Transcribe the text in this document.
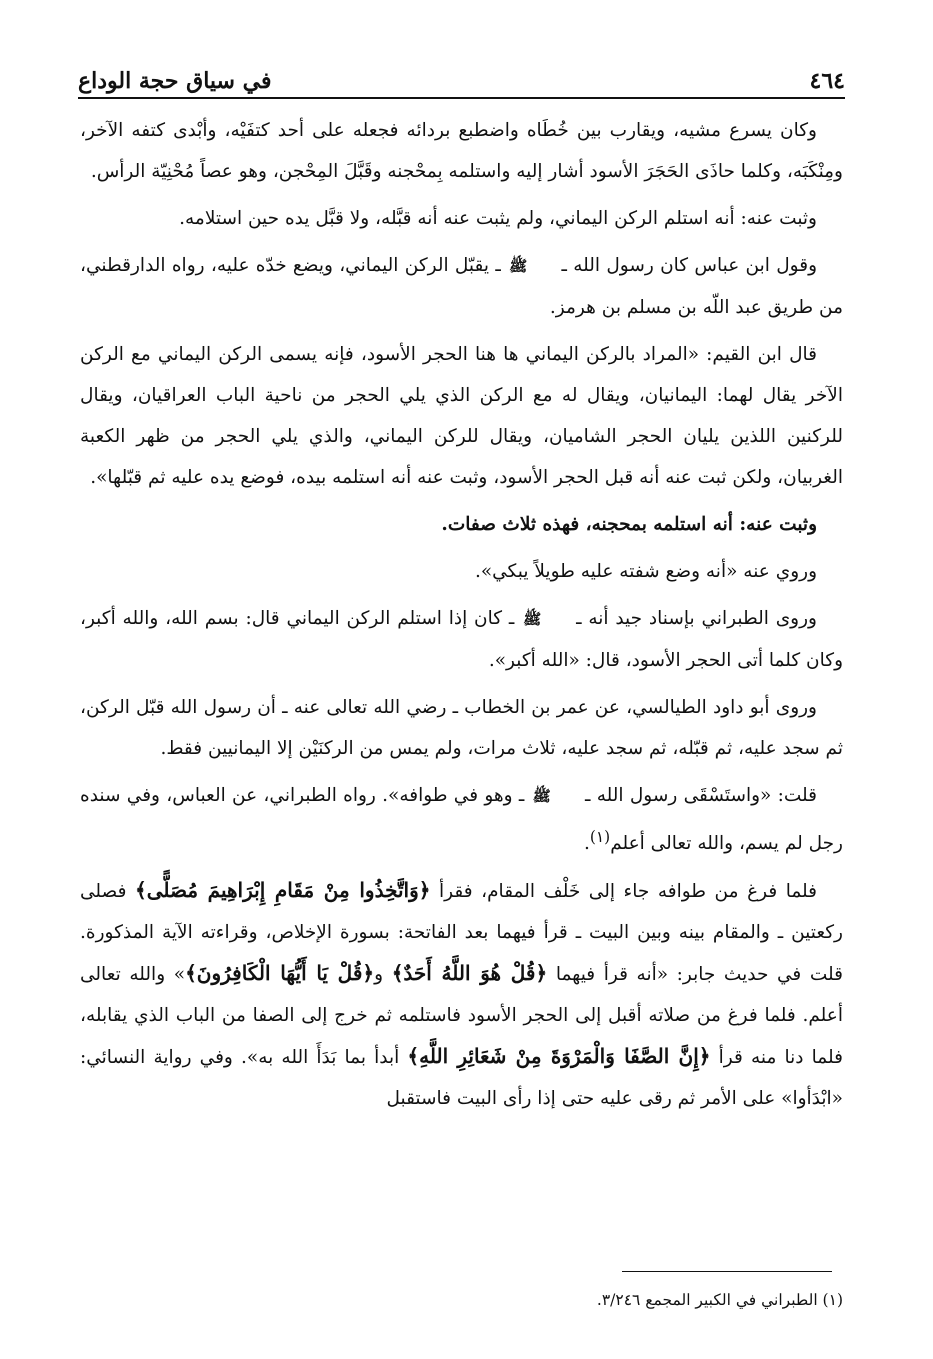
٤٦٤
في سياق حجة الوداع

وكان يسرع مشيه، ويقارب بين خُطَاه واضطبع بردائه فجعله على أحد كتفَيْه، وأبْدى كتفه الآخر، ومِنْكَبَه، وكلما حاذَى الحَجَرَ الأسود أشار إليه واستلمه بِمحْجنه وقَبَّلَ المِحْجن، وهو عصاً مُحْنِيّة الرأس.

وثبت عنه: أنه استلم الركن اليماني، ولم يثبت عنه أنه قبَّله، ولا قبَّل يده حين استلامه.

وقول ابن عباس كان رسول الله ـ ﷺ ـ يقبّل الركن اليماني، ويضع خدّه عليه، رواه الدارقطني، من طريق عبد اللّه بن مسلم بن هرمز.

قال ابن القيم: «المراد بالركن اليماني ها هنا الحجر الأسود، فإنه يسمى الركن اليماني مع الركن الآخر يقال لهما: اليمانيان، ويقال له مع الركن الذي يلي الحجر من ناحية الباب العراقيان، ويقال للركنين اللذين يليان الحجر الشاميان، ويقال للركن اليماني، والذي يلي الحجر من ظهر الكعبة الغربيان، ولكن ثبت عنه أنه قبل الحجر الأسود، وثبت عنه أنه استلمه بيده، فوضع يده عليه ثم قبّلها».

وثبت عنه: أنه استلمه بمحجنه، فهذه ثلاث صفات.

وروي عنه «أنه وضع شفته عليه طويلاً يبكي».

وروى الطبراني بإسناد جيد أنه ـ ﷺ ـ كان إذا استلم الركن اليماني قال: بسم الله، والله أكبر، وكان كلما أتى الحجر الأسود، قال: «الله أكبر».

وروى أبو داود الطيالسي، عن عمر بن الخطاب ـ رضي الله تعالى عنه ـ أن رسول الله قبّل الركن، ثم سجد عليه، ثم قبّله، ثم سجد عليه، ثلاث مرات، ولم يمس من الركنَيْن إلا اليمانيين فقط.

قلت: «واستَسْقَى رسول الله ـ ﷺ ـ وهو في طوافه». رواه الطبراني، عن العباس، وفي سنده رجل لم يسم، والله تعالى أعلم$^{(١)}$.

فلما فرغ من طوافه جاء إلى خَلْف المقام، فقرأ ﴿وَاتَّخِذُوا مِنْ مَقَامِ إِبْرَاهِيمَ مُصَلًّى﴾ فصلى ركعتين ـ والمقام بينه وبين البيت ـ قرأ فيهما بعد الفاتحة: بسورة الإخلاص، وقراءته الآية المذكورة. قلت في حديث جابر: «أنه قرأ فيهما ﴿قُلْ هُوَ اللَّهُ أَحَدٌ﴾ و﴿قُلْ يَا أَيُّهَا الْكَافِرُونَ﴾» والله تعالى أعلم. فلما فرغ من صلاته أقبل إلى الحجر الأسود فاستلمه ثم خرج إلى الصفا من الباب الذي يقابله، فلما دنا منه قرأ ﴿إِنَّ الصَّفَا وَالْمَرْوَةَ مِنْ شَعَائِرِ اللَّهِ﴾ أبدأ بما بَدَأَ الله به». وفي رواية النسائي: «ابْدَأوا» على الأمر ثم رقى عليه حتى إذا رأى البيت فاستقبل

(١) الطبراني في الكبير المجمع ٣/٢٤٦.
